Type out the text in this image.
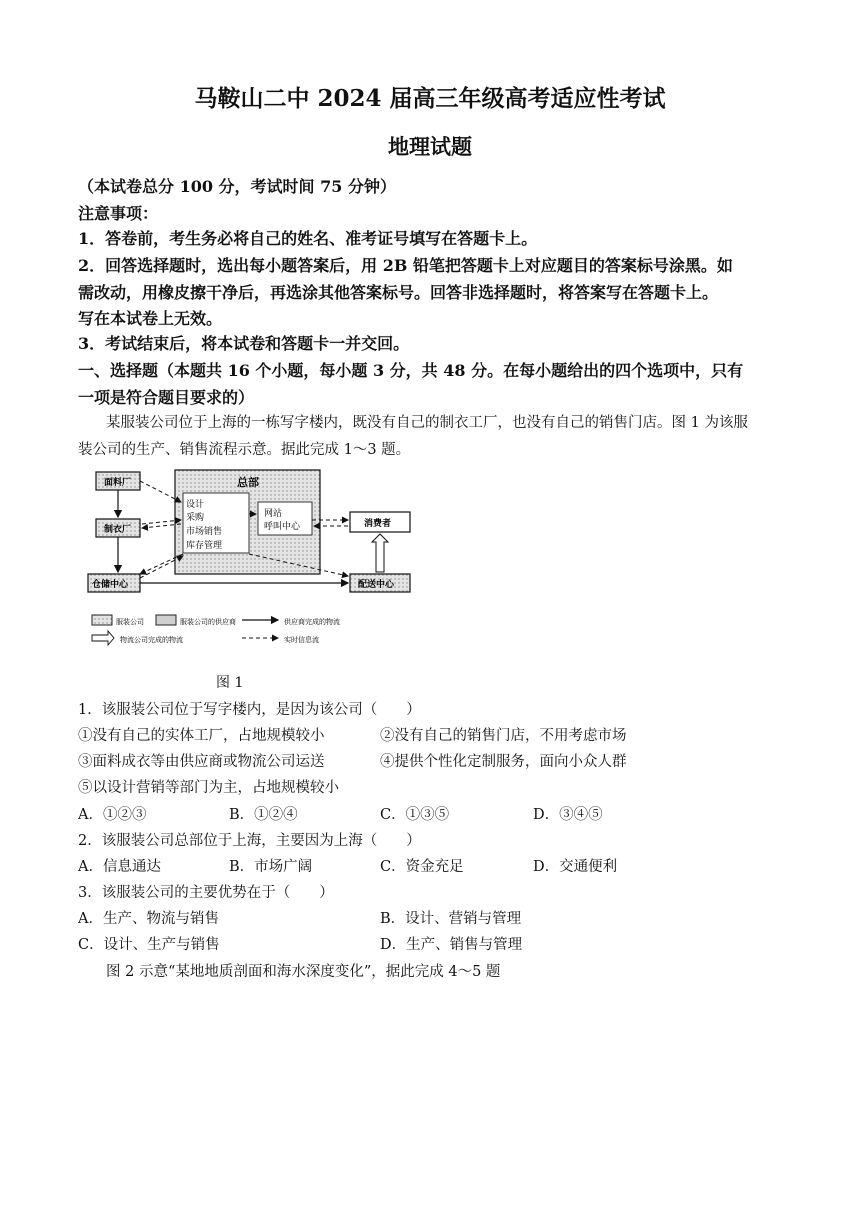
马鞍山二中 2024 届高三年级高考适应性考试
地理试题
（本试卷总分 100 分，考试时间 75 分钟）
注意事项：
1．答卷前，考生务必将自己的姓名、准考证号填写在答题卡上。
2．回答选择题时，选出每小题答案后，用 2B 铅笔把答题卡上对应题目的答案标号涂黑。如
需改动，用橡皮擦干净后，再选涂其他答案标号。回答非选择题时，将答案写在答题卡上。
写在本试卷上无效。
3．考试结束后，将本试卷和答题卡一并交回。
一、选择题（本题共 16 个小题，每小题 3 分，共 48 分。在每小题给出的四个选项中，只有
一项是符合题目要求的）
某服装公司位于上海的一栋写字楼内，既没有自己的制衣工厂，也没有自己的销售门店。图 1 为该服
装公司的生产、销售流程示意。据此完成 1～3 题。
总部
设计
采购
市场销售
库存管理
网站
呼叫中心
面料厂
制衣厂
仓储中心	配送中心
消费者
服装公司	服装公司的供应商	供应商完成的物流
物流公司完成的物流	实时信息流
图 1
1．该服装公司位于写字楼内，是因为该公司（　　）
①没有自己的实体工厂，占地规模较小	②没有自己的销售门店，不用考虑市场
③面料成衣等由供应商或物流公司运送	④提供个性化定制服务，面向小众人群
⑤以设计营销等部门为主，占地规模较小
A．①②③	B．①②④	C．①③⑤	D．③④⑤
2．该服装公司总部位于上海，主要因为上海（　　）
A．信息通达	B．市场广阔	C．资金充足	D．交通便利
3．该服装公司的主要优势在于（　　）
A．生产、物流与销售	B．设计、营销与管理
C．设计、生产与销售	D．生产、销售与管理
图 2 示意“某地地质剖面和海水深度变化”，据此完成 4～5 题
